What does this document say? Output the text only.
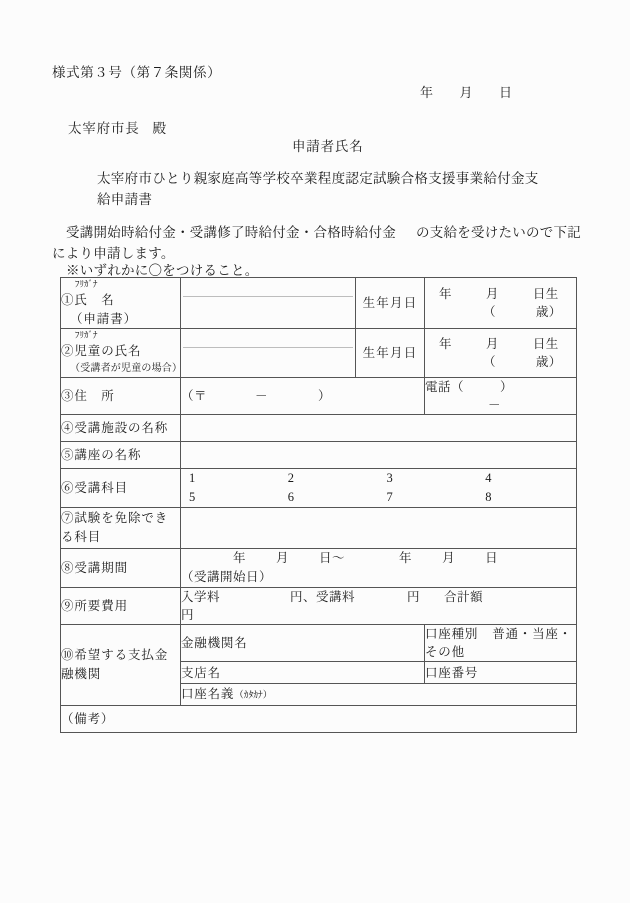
様式第３号（第７条関係）
年 月 日
太宰府市長 殿
申請者氏名
太宰府市ひとり親家庭高等学校卒業程度認定試験合格支援事業給付金支
給申請書
受講開始時給付金・受講修了時給付金・合格時給付金 の支給を受けたいので下記
により申請します。
※いずれかに〇をつけること。
ﾌﾘｶﾞﾅ
①氏　名
（申請書）		生年月日	年 月 日生
（ 歳）

ﾌﾘｶﾞﾅ
②児童の氏名
（受講者が児童の場合）		生年月日	年 月 日生
（ 歳）

③住　所	（〒 － ）		電話（ ）
－

④受講施設の名称			

⑤講座の名称			

⑥受講科目	1 2 3 4
5 6 7 8		

⑦試験を免除でき
る科目			

⑧受講期間	年 月 日～ 年 月 日
（受講開始日）		

⑨所要費用	入学料 円、受講料 円 合計額円		

⑩希望する支払金
融機関	金融機関名		口座種別 普通・当座・その他
	支店名		口座番号
	口座名義（ｶﾀｶﾅ）		
（備考）			
